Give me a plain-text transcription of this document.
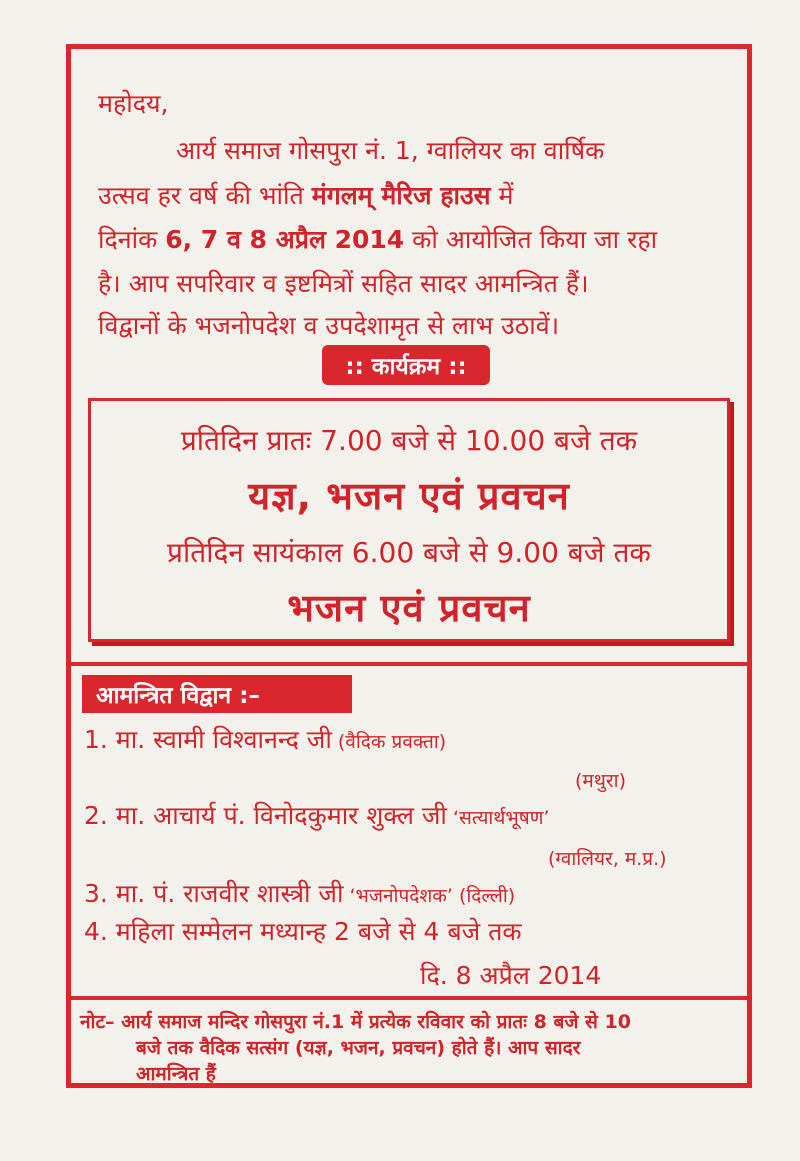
महोदय,
आर्य समाज गोसपुरा नं. 1, ग्वालियर का वार्षिक
उत्सव हर वर्ष की भांति मंगलम् मैरिज हाउस में
दिनांक 6, 7 व 8 अप्रैल 2014 को आयोजित किया जा रहा
है। आप सपरिवार व इष्टमित्रों सहित सादर आमन्त्रित हैं।
विद्वानों के भजनोपदेश व उपदेशामृत से लाभ उठावें।
:: कार्यक्रम ::
प्रतिदिन प्रातः 7.00 बजे से 10.00 बजे तक
यज्ञ, भजन एवं प्रवचन
प्रतिदिन सायंकाल 6.00 बजे से 9.00 बजे तक
भजन एवं प्रवचन
आमन्त्रित विद्वान :–
1. मा. स्वामी विश्वानन्द जी (वैदिक प्रवक्ता)
(मथुरा)
2. मा. आचार्य पं. विनोदकुमार शुक्ल जी ‘सत्यार्थभूषण’
(ग्वालियर, म.प्र.)
3. मा. पं. राजवीर शास्त्री जी ‘भजनोपदेशक’ (दिल्ली)
4. महिला सम्मेलन मध्यान्ह 2 बजे से 4 बजे तक
दि. 8 अप्रैल 2014
नोट– आर्य समाज मन्दिर गोसपुरा नं.1 में प्रत्येक रविवार को प्रातः 8 बजे से 10
बजे तक वैदिक सत्संग (यज्ञ, भजन, प्रवचन) होते हैं। आप सादर
आमन्त्रित हैं
